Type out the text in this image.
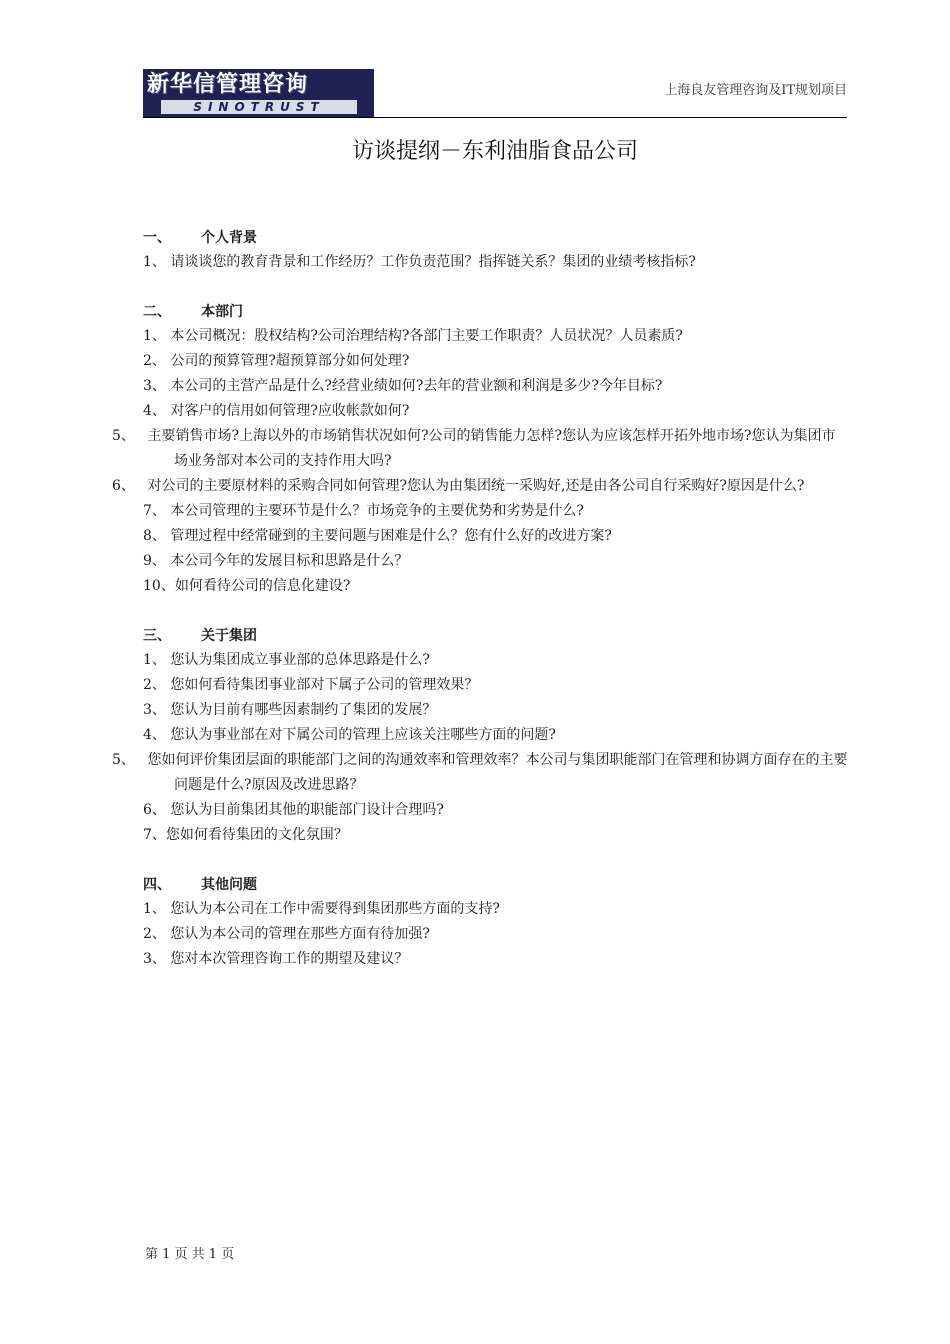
新华信管理咨询
SINOTRUST
上海良友管理咨询及IT规划项目
访谈提纲－东利油脂食品公司
一、 个人背景
1、 请谈谈您的教育背景和工作经历？工作负责范围？指挥链关系？集团的业绩考核指标?
二、 本部门
1、 本公司概况：股权结构?公司治理结构?各部门主要工作职责？人员状况？人员素质?
2、 公司的预算管理?超预算部分如何处理?
3、 本公司的主营产品是什么?经营业绩如何?去年的营业额和利润是多少?今年目标?
4、 对客户的信用如何管理?应收帐款如何?
5、 主要销售市场?上海以外的市场销售状况如何?公司的销售能力怎样?您认为应该怎样开拓外地市场?您认为集团市场业务部对本公司的支持作用大吗?
6、 对公司的主要原材料的采购合同如何管理?您认为由集团统一采购好,还是由各公司自行采购好?原因是什么?
7、 本公司管理的主要环节是什么？市场竞争的主要优势和劣势是什么?
8、 管理过程中经常碰到的主要问题与困难是什么？您有什么好的改进方案?
9、 本公司今年的发展目标和思路是什么？
10、如何看待公司的信息化建设?
三、 关于集团
1、 您认为集团成立事业部的总体思路是什么?
2、 您如何看待集团事业部对下属子公司的管理效果？
3、 您认为目前有哪些因素制约了集团的发展？
4、 您认为事业部在对下属公司的管理上应该关注哪些方面的问题?
5、 您如何评价集团层面的职能部门之间的沟通效率和管理效率？本公司与集团职能部门在管理和协调方面存在的主要问题是什么?原因及改进思路？
6、 您认为目前集团其他的职能部门设计合理吗?
7、您如何看待集团的文化氛围？
四、 其他问题
1、 您认为本公司在工作中需要得到集团那些方面的支持?
2、 您认为本公司的管理在那些方面有待加强?
3、 您对本次管理咨询工作的期望及建议？
第 1 页 共 1 页
